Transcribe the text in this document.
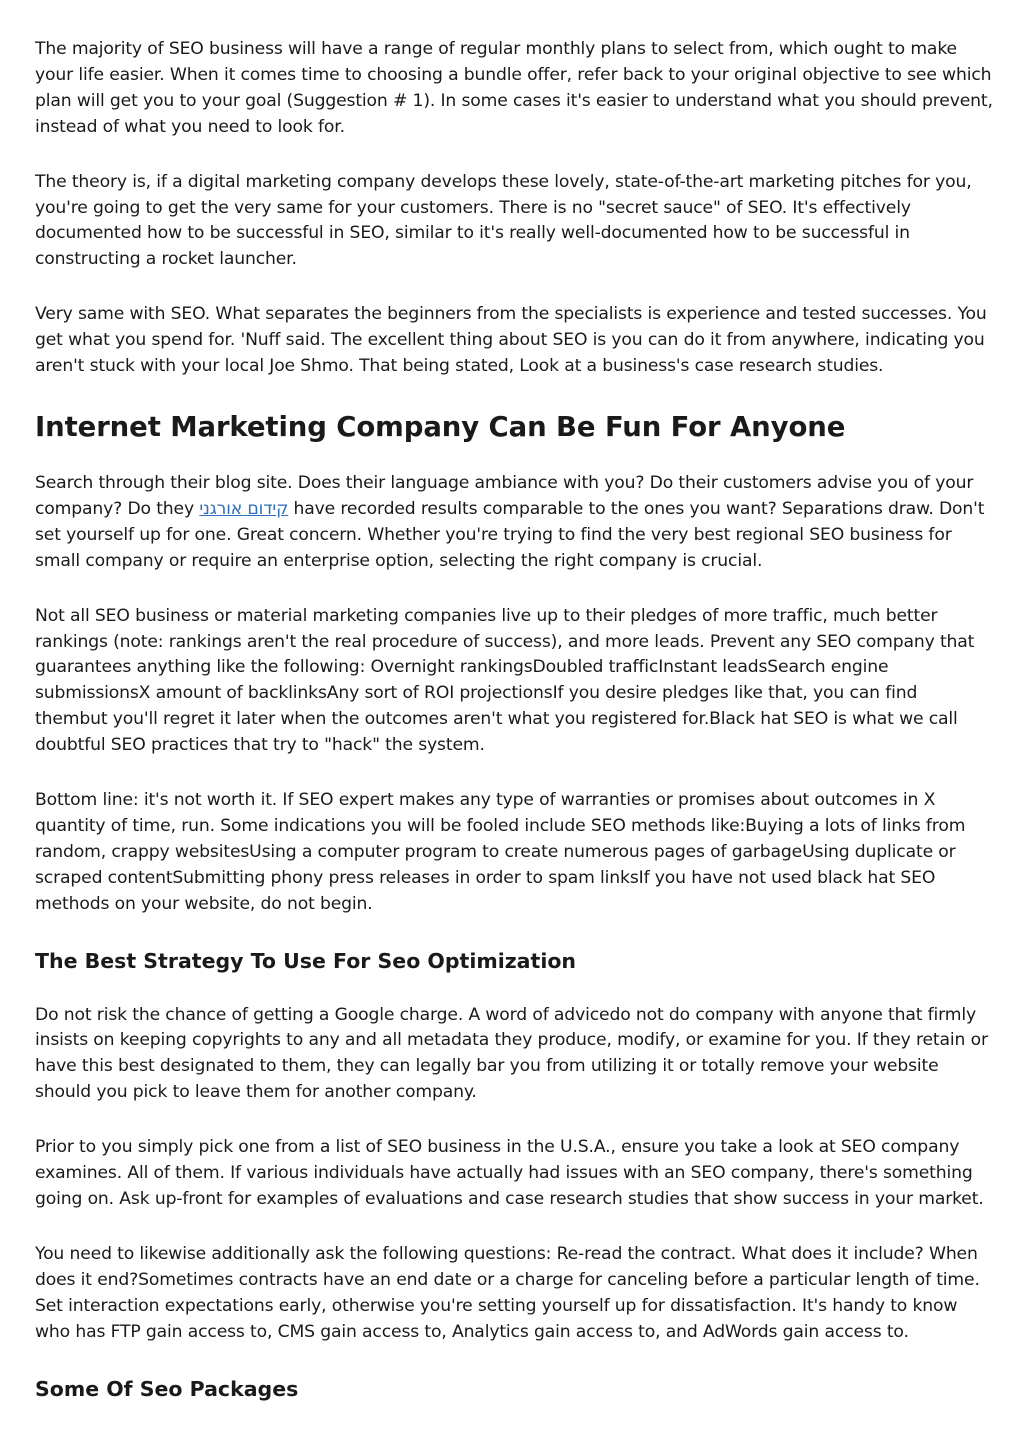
The majority of SEO business will have a range of regular monthly plans to select from, which ought to make your life easier. When it comes time to choosing a bundle offer, refer back to your original objective to see which plan will get you to your goal (Suggestion # 1). In some cases it's easier to understand what you should prevent, instead of what you need to look for.

The theory is, if a digital marketing company develops these lovely, state-of-the-art marketing pitches for you, you're going to get the very same for your customers. There is no "secret sauce" of SEO. It's effectively documented how to be successful in SEO, similar to it's really well-documented how to be successful in constructing a rocket launcher.

Very same with SEO. What separates the beginners from the specialists is experience and tested successes. You get what you spend for. 'Nuff said. The excellent thing about SEO is you can do it from anywhere, indicating you aren't stuck with your local Joe Shmo. That being stated, Look at a business's case research studies.

Internet Marketing Company Can Be Fun For Anyone

Search through their blog site. Does their language ambiance with you? Do their customers advise you of your company? Do they קידום אורגני have recorded results comparable to the ones you want? Separations draw. Don't set yourself up for one. Great concern. Whether you're trying to find the very best regional SEO business for small company or require an enterprise option, selecting the right company is crucial.

Not all SEO business or material marketing companies live up to their pledges of more traffic, much better rankings (note: rankings aren't the real procedure of success), and more leads. Prevent any SEO company that guarantees anything like the following: Overnight rankingsDoubled trafficInstant leadsSearch engine submissionsX amount of backlinksAny sort of ROI projectionsIf you desire pledges like that, you can find thembut you'll regret it later when the outcomes aren't what you registered for.Black hat SEO is what we call doubtful SEO practices that try to "hack" the system.

Bottom line: it's not worth it. If SEO expert makes any type of warranties or promises about outcomes in X quantity of time, run. Some indications you will be fooled include SEO methods like:Buying a lots of links from random, crappy websitesUsing a computer program to create numerous pages of garbageUsing duplicate or scraped contentSubmitting phony press releases in order to spam linksIf you have not used black hat SEO methods on your website, do not begin.

The Best Strategy To Use For Seo Optimization

Do not risk the chance of getting a Google charge. A word of advicedo not do company with anyone that firmly insists on keeping copyrights to any and all metadata they produce, modify, or examine for you. If they retain or have this best designated to them, they can legally bar you from utilizing it or totally remove your website should you pick to leave them for another company.

Prior to you simply pick one from a list of SEO business in the U.S.A., ensure you take a look at SEO company examines. All of them. If various individuals have actually had issues with an SEO company, there's something going on. Ask up-front for examples of evaluations and case research studies that show success in your market.

You need to likewise additionally ask the following questions: Re-read the contract. What does it include? When does it end?Sometimes contracts have an end date or a charge for canceling before a particular length of time. Set interaction expectations early, otherwise you're setting yourself up for dissatisfaction. It's handy to know who has FTP gain access to, CMS gain access to, Analytics gain access to, and AdWords gain access to.

Some Of Seo Packages
